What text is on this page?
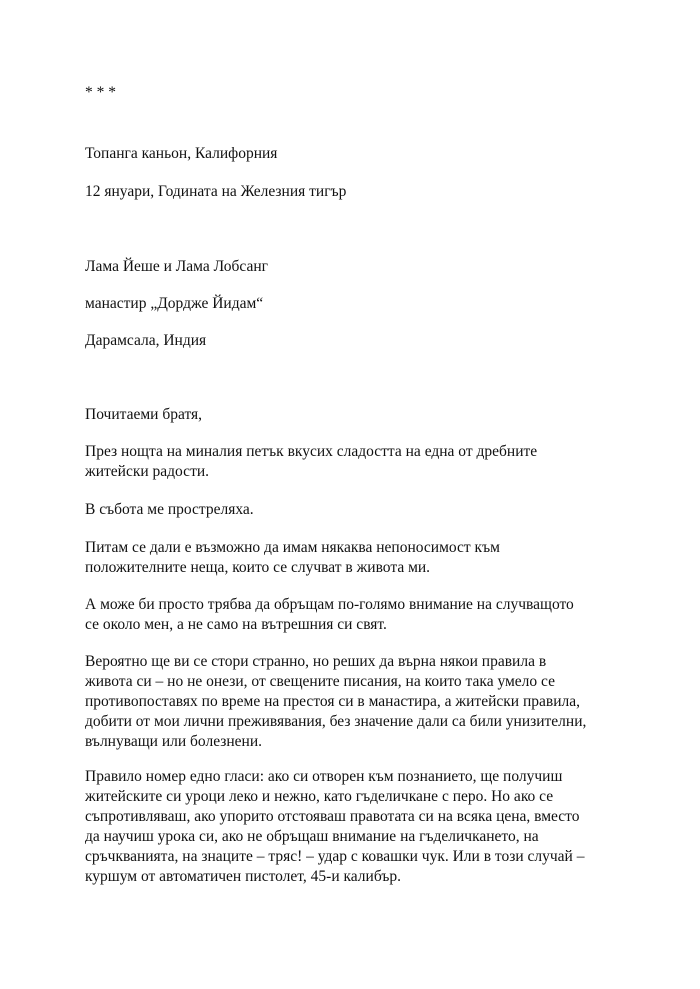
* * *

Топанга каньон, Калифорния

12 януари, Годината на Железния тигър

Лама Йеше и Лама Лобсанг

манастир „Дордже Йидам“

Дарамсала, Индия

Почитаеми братя,

През нощта на миналия петък вкусих сладостта на една от дребните
житейски радости.
В събота ме простреляха.
Питам се дали е възможно да имам някаква непоносимост към
положителните неща, които се случват в живота ми.
А може би просто трябва да обръщам по-голямо внимание на случващото
се около мен, а не само на вътрешния си свят.
Вероятно ще ви се стори странно, но реших да върна някои правила в
живота си – но не онези, от свещените писания, на които така умело се
противопоставях по време на престоя си в манастира, а житейски правила,
добити от мои лични преживявания, без значение дали са били унизителни,
вълнуващи или болезнени.
Правило номер едно гласи: ако си отворен към познанието, ще получиш
житейските си уроци леко и нежно, като гъделичкане с перо. Но ако се
съпротивляваш, ако упорито отстояваш правотата си на всяка цена, вместо
да научиш урока си, ако не обръщаш внимание на гъделичкането, на
сръчкванията, на знаците – тряс! – удар с ковашки чук. Или в този случай –
куршум от автоматичен пистолет, 45-и калибър.
